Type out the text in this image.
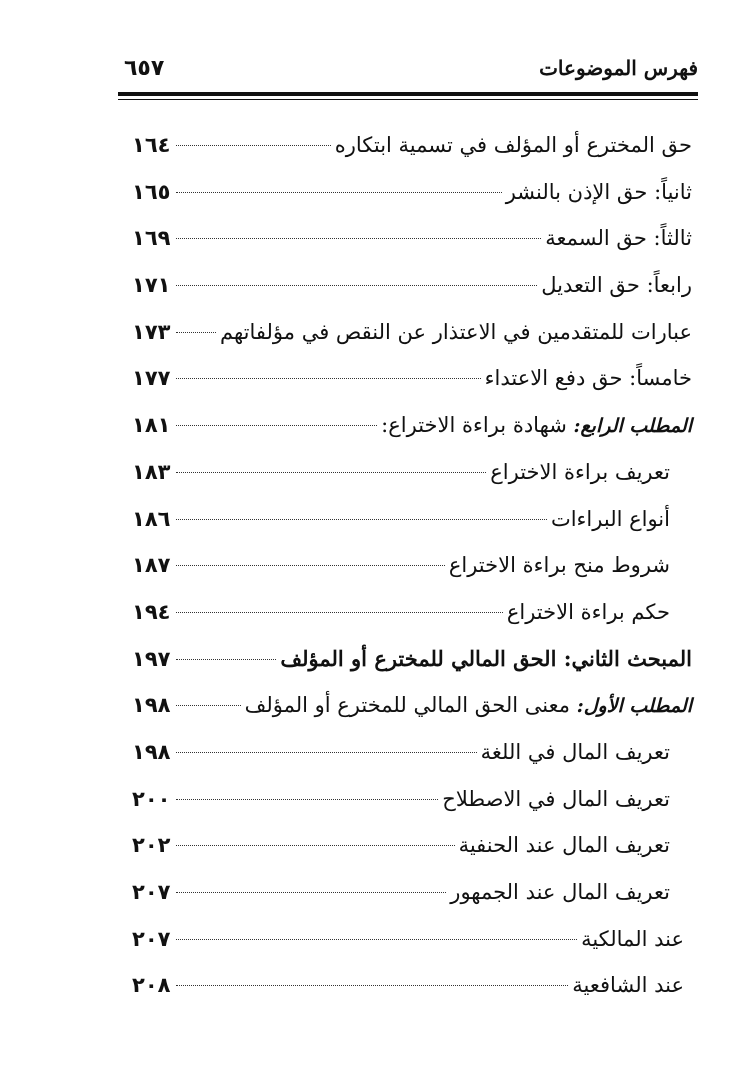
فهرس الموضوعات
٦٥٧
حق المخترع أو المؤلف في تسمية ابتكاره
١٦٤
ثانياً: حق الإذن بالنشر
١٦٥
ثالثاً: حق السمعة
١٦٩
رابعاً: حق التعديل
١٧١
عبارات للمتقدمين في الاعتذار عن النقص في مؤلفاتهم
١٧٣
خامساً: حق دفع الاعتداء
١٧٧
المطلب الرابع: شهادة براءة الاختراع:
١٨١
تعريف براءة الاختراع
١٨٣
أنواع البراءات
١٨٦
شروط منح براءة الاختراع
١٨٧
حكم براءة الاختراع
١٩٤
المبحث الثاني: الحق المالي للمخترع أو المؤلف
١٩٧
المطلب الأول: معنى الحق المالي للمخترع أو المؤلف
١٩٨
تعريف المال في اللغة
١٩٨
تعريف المال في الاصطلاح
٢٠٠
تعريف المال عند الحنفية
٢٠٢
تعريف المال عند الجمهور
٢٠٧
عند المالكية
٢٠٧
عند الشافعية
٢٠٨
